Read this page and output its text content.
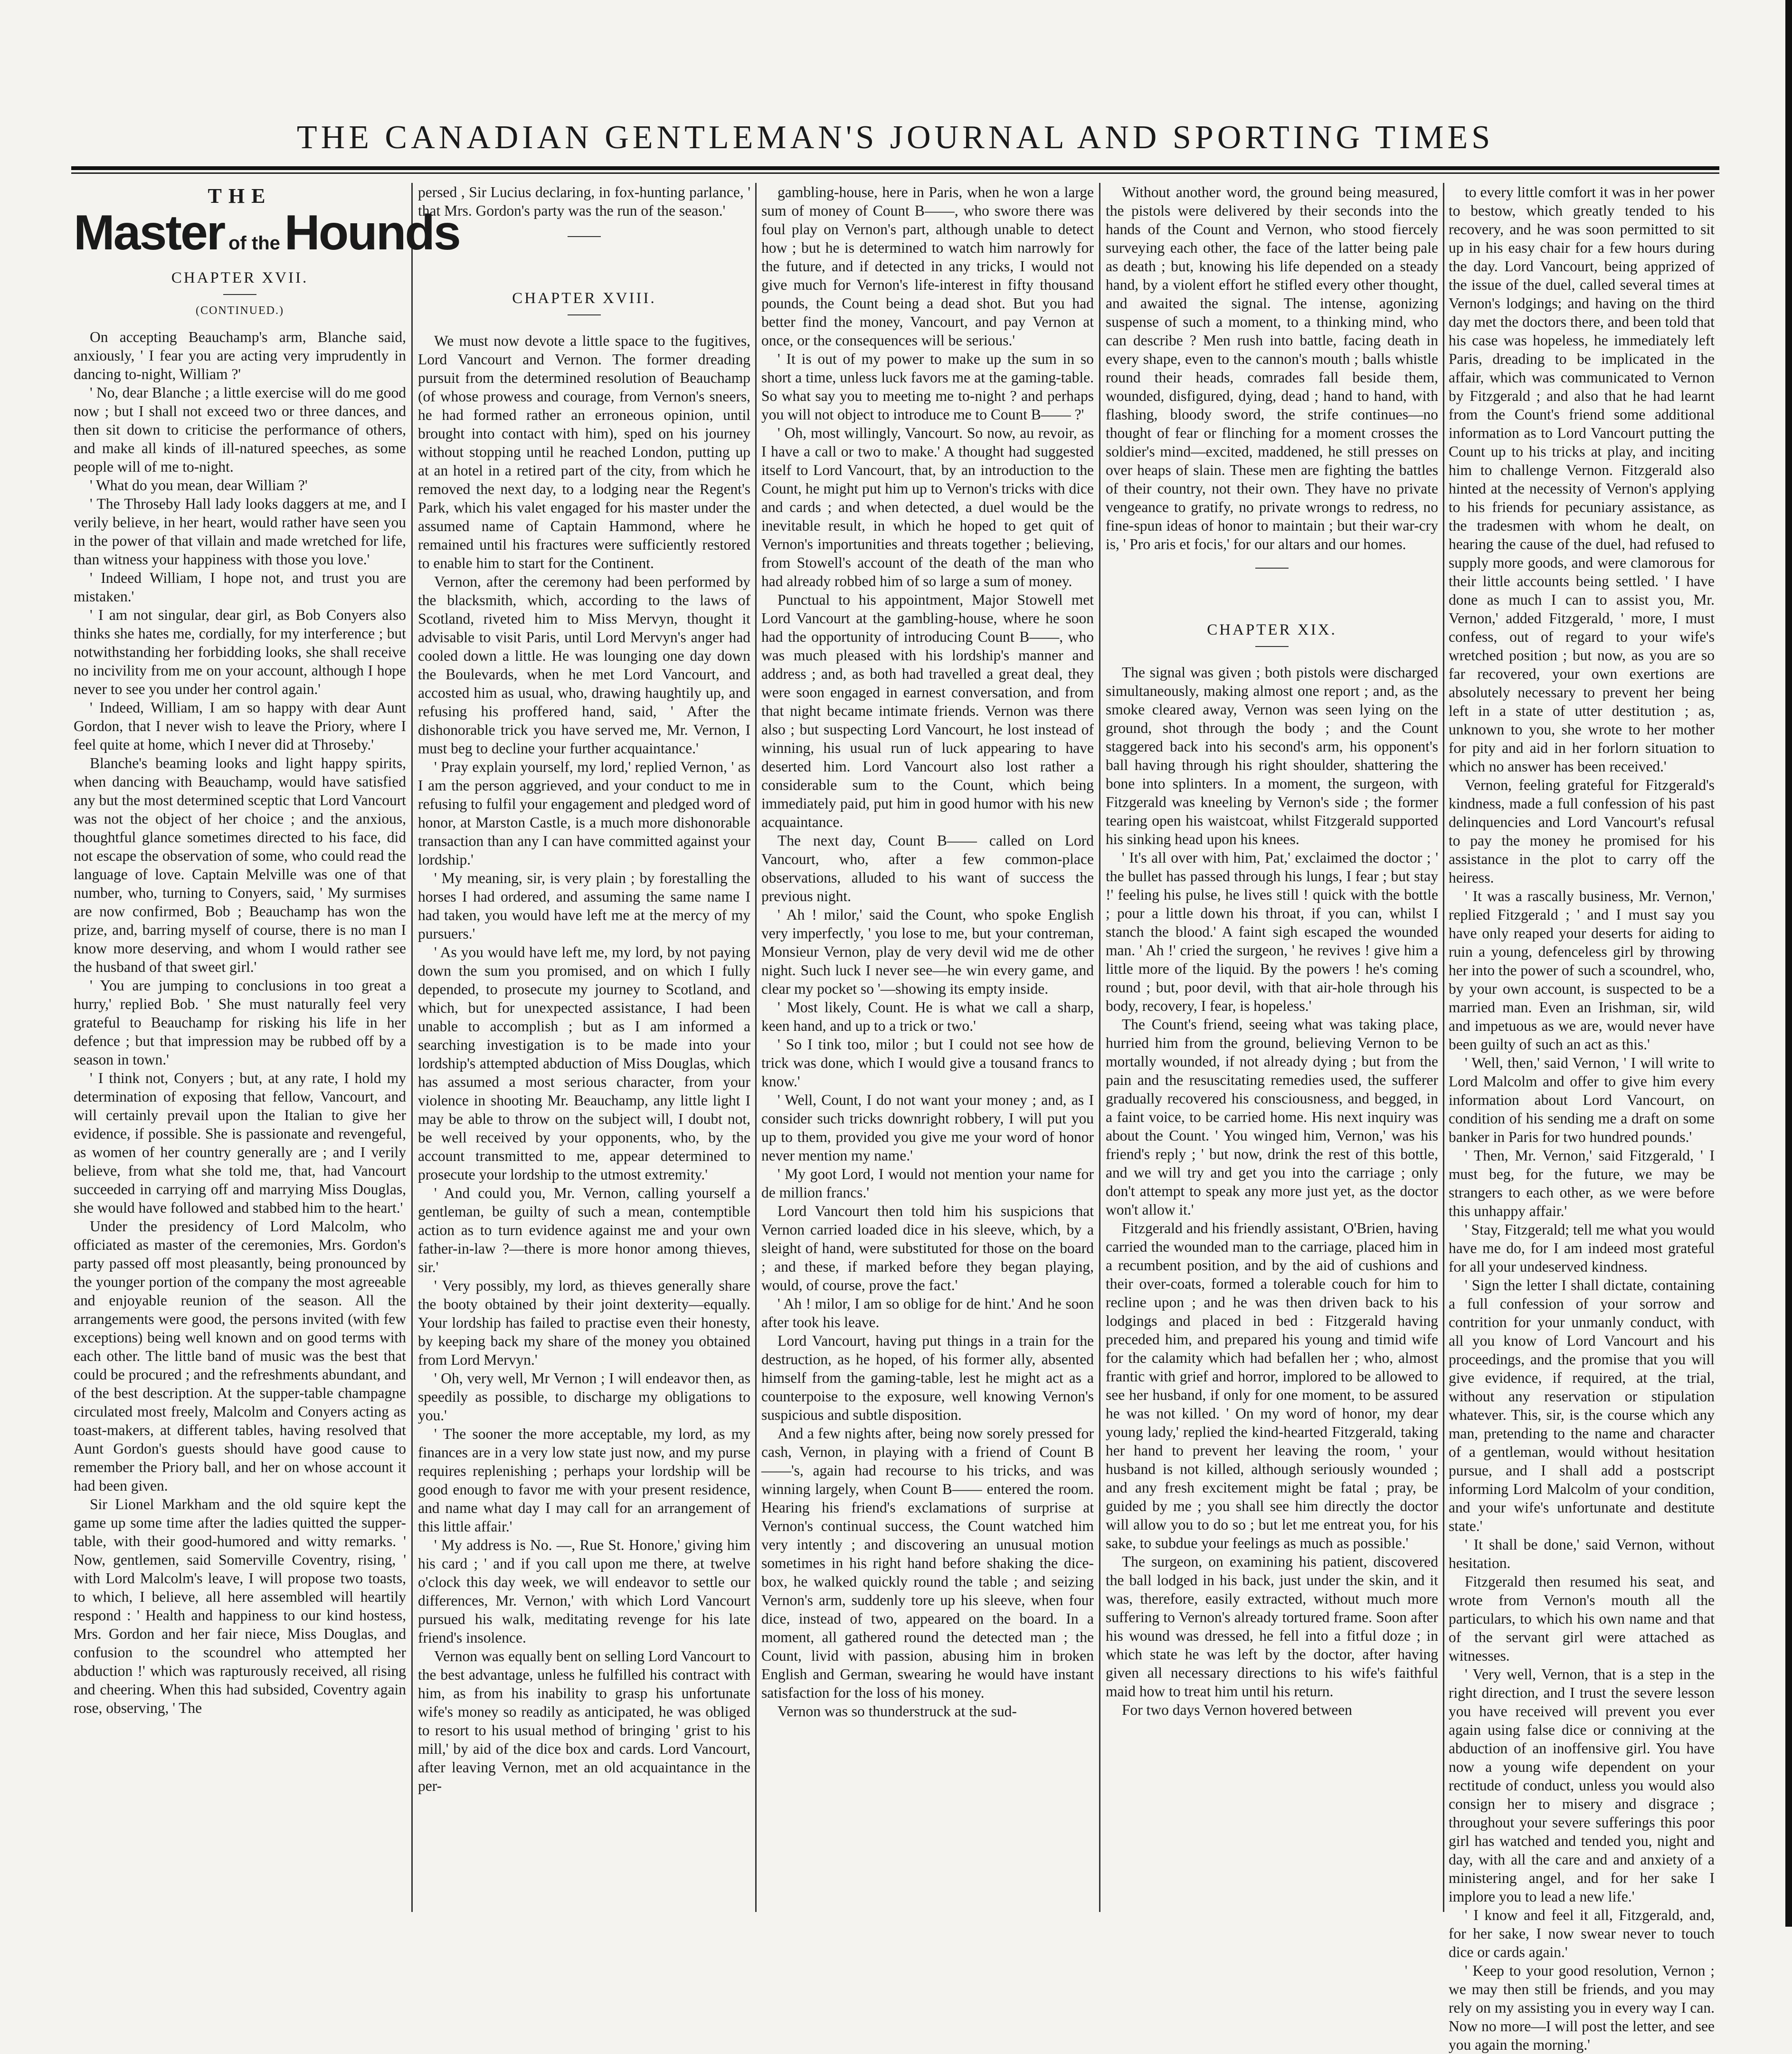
THE CANADIAN GENTLEMAN'S JOURNAL AND SPORTING TIMES
THE
Master of the Hounds
CHAPTER XVII.
(CONTINUED.)

On accepting Beauchamp's arm, Blanche said, anxiously, ' I fear you are acting very imprudently in dancing to-night, William ?'

' No, dear Blanche ; a little exercise will do me good now ; but I shall not exceed two or three dances, and then sit down to criticise the performance of others, and make all kinds of ill-natured speeches, as some people will of me to-night.

' What do you mean, dear William ?'

' The Throseby Hall lady looks daggers at me, and I verily believe, in her heart, would rather have seen you in the power of that villain and made wretched for life, than witness your happiness with those you love.'

' Indeed William, I hope not, and trust you are mistaken.'

' I am not singular, dear girl, as Bob Conyers also thinks she hates me, cordially, for my interference ; but notwithstanding her forbidding looks, she shall receive no incivility from me on your account, although I hope never to see you under her control again.'

' Indeed, William, I am so happy with dear Aunt Gordon, that I never wish to leave the Priory, where I feel quite at home, which I never did at Throseby.'

Blanche's beaming looks and light happy spirits, when dancing with Beauchamp, would have satisfied any but the most determined sceptic that Lord Vancourt was not the object of her choice ; and the anxious, thoughtful glance sometimes directed to his face, did not escape the observation of some, who could read the language of love. Captain Melville was one of that number, who, turning to Conyers, said, ' My surmises are now confirmed, Bob ; Beauchamp has won the prize, and, barring myself of course, there is no man I know more deserving, and whom I would rather see the husband of that sweet girl.'

' You are jumping to conclusions in too great a hurry,' replied Bob. ' She must naturally feel very grateful to Beauchamp for risking his life in her defence ; but that impression may be rubbed off by a season in town.'

' I think not, Conyers ; but, at any rate, I hold my determination of exposing that fellow, Vancourt, and will certainly prevail upon the Italian to give her evidence, if possible. She is passionate and revengeful, as women of her country generally are ; and I verily believe, from what she told me, that, had Vancourt succeeded in carrying off and marrying Miss Douglas, she would have followed and stabbed him to the heart.'

Under the presidency of Lord Malcolm, who officiated as master of the ceremonies, Mrs. Gordon's party passed off most pleasantly, being pronounced by the younger portion of the company the most agreeable and enjoyable reunion of the season. All the arrangements were good, the persons invited (with few exceptions) being well known and on good terms with each other. The little band of music was the best that could be procured ; and the refreshments abundant, and of the best description. At the supper-table champagne circulated most freely, Malcolm and Conyers acting as toast-makers, at different tables, having resolved that Aunt Gordon's guests should have good cause to remember the Priory ball, and her on whose account it had been given.

Sir Lionel Markham and the old squire kept the game up some time after the ladies quitted the supper-table, with their good-humored and witty remarks. ' Now, gentlemen, said Somerville Coventry, rising, ' with Lord Malcolm's leave, I will propose two toasts, to which, I believe, all here assembled will heartily respond : ' Health and happiness to our kind hostess, Mrs. Gordon and her fair niece, Miss Douglas, and confusion to the scoundrel who attempted her abduction !' which was rapturously received, all rising and cheering. When this had subsided, Coventry again rose, observing, ' The

persed , Sir Lucius declaring, in fox-hunting parlance, ' that Mrs. Gordon's party was the run of the season.'

CHAPTER XVIII.

We must now devote a little space to the fugitives, Lord Vancourt and Vernon. The former dreading pursuit from the determined resolution of Beauchamp (of whose prowess and courage, from Vernon's sneers, he had formed rather an erroneous opinion, until brought into contact with him), sped on his journey without stopping until he reached London, putting up at an hotel in a retired part of the city, from which he removed the next day, to a lodging near the Regent's Park, which his valet engaged for his master under the assumed name of Captain Hammond, where he remained until his fractures were sufficiently restored to enable him to start for the Continent.

Vernon, after the ceremony had been performed by the blacksmith, which, according to the laws of Scotland, riveted him to Miss Mervyn, thought it advisable to visit Paris, until Lord Mervyn's anger had cooled down a little. He was lounging one day down the Boulevards, when he met Lord Vancourt, and accosted him as usual, who, drawing haughtily up, and refusing his proffered hand, said, ' After the dishonorable trick you have served me, Mr. Vernon, I must beg to decline your further acquaintance.'

' Pray explain yourself, my lord,' replied Vernon, ' as I am the person aggrieved, and your conduct to me in refusing to fulfil your engagement and pledged word of honor, at Marston Castle, is a much more dishonorable transaction than any I can have committed against your lordship.'

' My meaning, sir, is very plain ; by forestalling the horses I had ordered, and assuming the same name I had taken, you would have left me at the mercy of my pursuers.'

' As you would have left me, my lord, by not paying down the sum you promised, and on which I fully depended, to prosecute my journey to Scotland, and which, but for unexpected assistance, I had been unable to accomplish ; but as I am informed a searching investigation is to be made into your lordship's attempted abduction of Miss Douglas, which has assumed a most serious character, from your violence in shooting Mr. Beauchamp, any little light I may be able to throw on the subject will, I doubt not, be well received by your opponents, who, by the account transmitted to me, appear determined to prosecute your lordship to the utmost extremity.'

' And could you, Mr. Vernon, calling yourself a gentleman, be guilty of such a mean, contemptible action as to turn evidence against me and your own father-in-law ?—there is more honor among thieves, sir.'

' Very possibly, my lord, as thieves generally share the booty obtained by their joint dexterity—equally. Your lordship has failed to practise even their honesty, by keeping back my share of the money you obtained from Lord Mervyn.'

' Oh, very well, Mr Vernon ; I will endeavor then, as speedily as possible, to discharge my obligations to you.'

' The sooner the more acceptable, my lord, as my finances are in a very low state just now, and my purse requires replenishing ; perhaps your lordship will be good enough to favor me with your present residence, and name what day I may call for an arrangement of this little affair.'

' My address is No. —, Rue St. Honore,' giving him his card ; ' and if you call upon me there, at twelve o'clock this day week, we will endeavor to settle our differences, Mr. Vernon,' with which Lord Vancourt pursued his walk, meditating revenge for his late friend's insolence.

Vernon was equally bent on selling Lord Vancourt to the best advantage, unless he fulfilled his contract with him, as from his inability to grasp his unfortunate wife's money so readily as anticipated, he was obliged to resort to his usual method of bringing ' grist to his mill,' by aid of the dice box and cards. Lord Vancourt, after leaving Vernon, met an old acquaintance in the per-

gambling-house, here in Paris, when he won a large sum of money of Count B——, who swore there was foul play on Vernon's part, although unable to detect how ; but he is determined to watch him narrowly for the future, and if detected in any tricks, I would not give much for Vernon's life-interest in fifty thousand pounds, the Count being a dead shot. But you had better find the money, Vancourt, and pay Vernon at once, or the consequences will be serious.'

' It is out of my power to make up the sum in so short a time, unless luck favors me at the gaming-table. So what say you to meeting me to-night ? and perhaps you will not object to introduce me to Count B—— ?'

' Oh, most willingly, Vancourt. So now, au revoir, as I have a call or two to make.' A thought had suggested itself to Lord Vancourt, that, by an introduction to the Count, he might put him up to Vernon's tricks with dice and cards ; and when detected, a duel would be the inevitable result, in which he hoped to get quit of Vernon's importunities and threats together ; believing, from Stowell's account of the death of the man who had already robbed him of so large a sum of money.

Punctual to his appointment, Major Stowell met Lord Vancourt at the gambling-house, where he soon had the opportunity of introducing Count B——, who was much pleased with his lordship's manner and address ; and, as both had travelled a great deal, they were soon engaged in earnest conversation, and from that night became intimate friends. Vernon was there also ; but suspecting Lord Vancourt, he lost instead of winning, his usual run of luck appearing to have deserted him. Lord Vancourt also lost rather a considerable sum to the Count, which being immediately paid, put him in good humor with his new acquaintance.

The next day, Count B—— called on Lord Vancourt, who, after a few common-place observations, alluded to his want of success the previous night.

' Ah ! milor,' said the Count, who spoke English very imperfectly, ' you lose to me, but your contreman, Monsieur Vernon, play de very devil wid me de other night. Such luck I never see—he win every game, and clear my pocket so '—showing its empty inside.

' Most likely, Count. He is what we call a sharp, keen hand, and up to a trick or two.'

' So I tink too, milor ; but I could not see how de trick was done, which I would give a tousand francs to know.'

' Well, Count, I do not want your money ; and, as I consider such tricks downright robbery, I will put you up to them, provided you give me your word of honor never mention my name.'

' My goot Lord, I would not mention your name for de million francs.'

Lord Vancourt then told him his suspicions that Vernon carried loaded dice in his sleeve, which, by a sleight of hand, were substituted for those on the board ; and these, if marked before they began playing, would, of course, prove the fact.'

' Ah ! milor, I am so oblige for de hint.' And he soon after took his leave.

Lord Vancourt, having put things in a train for the destruction, as he hoped, of his former ally, absented himself from the gaming-table, lest he might act as a counterpoise to the exposure, well knowing Vernon's suspicious and subtle disposition.

And a few nights after, being now sorely pressed for cash, Vernon, in playing with a friend of Count B——'s, again had recourse to his tricks, and was winning largely, when Count B—— entered the room. Hearing his friend's exclamations of surprise at Vernon's continual success, the Count watched him very intently ; and discovering an unusual motion sometimes in his right hand before shaking the dice-box, he walked quickly round the table ; and seizing Vernon's arm, suddenly tore up his sleeve, when four dice, instead of two, appeared on the board. In a moment, all gathered round the detected man ; the Count, livid with passion, abusing him in broken English and German, swearing he would have instant satisfaction for the loss of his money.

Vernon was so thunderstruck at the sud-

Without another word, the ground being measured, the pistols were delivered by their seconds into the hands of the Count and Vernon, who stood fiercely surveying each other, the face of the latter being pale as death ; but, knowing his life depended on a steady hand, by a violent effort he stifled every other thought, and awaited the signal. The intense, agonizing suspense of such a moment, to a thinking mind, who can describe ? Men rush into battle, facing death in every shape, even to the cannon's mouth ; balls whistle round their heads, comrades fall beside them, wounded, disfigured, dying, dead ; hand to hand, with flashing, bloody sword, the strife continues—no thought of fear or flinching for a moment crosses the soldier's mind—excited, maddened, he still presses on over heaps of slain. These men are fighting the battles of their country, not their own. They have no private vengeance to gratify, no private wrongs to redress, no fine-spun ideas of honor to maintain ; but their war-cry is, ' Pro aris et focis,' for our altars and our homes.

CHAPTER XIX.

The signal was given ; both pistols were discharged simultaneously, making almost one report ; and, as the smoke cleared away, Vernon was seen lying on the ground, shot through the body ; and the Count staggered back into his second's arm, his opponent's ball having through his right shoulder, shattering the bone into splinters. In a moment, the surgeon, with Fitzgerald was kneeling by Vernon's side ; the former tearing open his waistcoat, whilst Fitzgerald supported his sinking head upon his knees.

' It's all over with him, Pat,' exclaimed the doctor ; ' the bullet has passed through his lungs, I fear ; but stay !' feeling his pulse, he lives still ! quick with the bottle ; pour a little down his throat, if you can, whilst I stanch the blood.' A faint sigh escaped the wounded man. ' Ah !' cried the surgeon, ' he revives ! give him a little more of the liquid. By the powers ! he's coming round ; but, poor devil, with that air-hole through his body, recovery, I fear, is hopeless.'

The Count's friend, seeing what was taking place, hurried him from the ground, believing Vernon to be mortally wounded, if not already dying ; but from the pain and the resuscitating remedies used, the sufferer gradually recovered his consciousness, and begged, in a faint voice, to be carried home. His next inquiry was about the Count. ' You winged him, Vernon,' was his friend's reply ; ' but now, drink the rest of this bottle, and we will try and get you into the carriage ; only don't attempt to speak any more just yet, as the doctor won't allow it.'

Fitzgerald and his friendly assistant, O'Brien, having carried the wounded man to the carriage, placed him in a recumbent position, and by the aid of cushions and their over-coats, formed a tolerable couch for him to recline upon ; and he was then driven back to his lodgings and placed in bed : Fitzgerald having preceded him, and prepared his young and timid wife for the calamity which had befallen her ; who, almost frantic with grief and horror, implored to be allowed to see her husband, if only for one moment, to be assured he was not killed. ' On my word of honor, my dear young lady,' replied the kind-hearted Fitzgerald, taking her hand to prevent her leaving the room, ' your husband is not killed, although seriously wounded ; and any fresh excitement might be fatal ; pray, be guided by me ; you shall see him directly the doctor will allow you to do so ; but let me entreat you, for his sake, to subdue your feelings as much as possible.'

The surgeon, on examining his patient, discovered the ball lodged in his back, just under the skin, and it was, therefore, easily extracted, without much more suffering to Vernon's already tortured frame. Soon after his wound was dressed, he fell into a fitful doze ; in which state he was left by the doctor, after having given all necessary directions to his wife's faithful maid how to treat him until his return.

For two days Vernon hovered between

to every little comfort it was in her power to bestow, which greatly tended to his recovery, and he was soon permitted to sit up in his easy chair for a few hours during the day. Lord Vancourt, being apprized of the issue of the duel, called several times at Vernon's lodgings; and having on the third day met the doctors there, and been told that his case was hopeless, he immediately left Paris, dreading to be implicated in the affair, which was communicated to Vernon by Fitzgerald ; and also that he had learnt from the Count's friend some additional information as to Lord Vancourt putting the Count up to his tricks at play, and inciting him to challenge Vernon. Fitzgerald also hinted at the necessity of Vernon's applying to his friends for pecuniary assistance, as the tradesmen with whom he dealt, on hearing the cause of the duel, had refused to supply more goods, and were clamorous for their little accounts being settled. ' I have done as much I can to assist you, Mr. Vernon,' added Fitzgerald, ' more, I must confess, out of regard to your wife's wretched position ; but now, as you are so far recovered, your own exertions are absolutely necessary to prevent her being left in a state of utter destitution ; as, unknown to you, she wrote to her mother for pity and aid in her forlorn situation to which no answer has been received.'

Vernon, feeling grateful for Fitzgerald's kindness, made a full confession of his past delinquencies and Lord Vancourt's refusal to pay the money he promised for his assistance in the plot to carry off the heiress.

' It was a rascally business, Mr. Vernon,' replied Fitzgerald ; ' and I must say you have only reaped your deserts for aiding to ruin a young, defenceless girl by throwing her into the power of such a scoundrel, who, by your own account, is suspected to be a married man. Even an Irishman, sir, wild and impetuous as we are, would never have been guilty of such an act as this.'

' Well, then,' said Vernon, ' I will write to Lord Malcolm and offer to give him every information about Lord Vancourt, on condition of his sending me a draft on some banker in Paris for two hundred pounds.'

' Then, Mr. Vernon,' said Fitzgerald, ' I must beg, for the future, we may be strangers to each other, as we were before this unhappy affair.'

' Stay, Fitzgerald; tell me what you would have me do, for I am indeed most grateful for all your undeserved kindness.

' Sign the letter I shall dictate, containing a full confession of your sorrow and contrition for your unmanly conduct, with all you know of Lord Vancourt and his proceedings, and the promise that you will give evidence, if required, at the trial, without any reservation or stipulation whatever. This, sir, is the course which any man, pretending to the name and character of a gentleman, would without hesitation pursue, and I shall add a postscript informing Lord Malcolm of your condition, and your wife's unfortunate and destitute state.'

' It shall be done,' said Vernon, without hesitation.

Fitzgerald then resumed his seat, and wrote from Vernon's mouth all the particulars, to which his own name and that of the servant girl were attached as witnesses.

' Very well, Vernon, that is a step in the right direction, and I trust the severe lesson you have received will prevent you ever again using false dice or conniving at the abduction of an inoffensive girl. You have now a young wife dependent on your rectitude of conduct, unless you would also consign her to misery and disgrace ; throughout your severe sufferings this poor girl has watched and tended you, night and day, with all the care and and anxiety of a ministering angel, and for her sake I implore you to lead a new life.'

' I know and feel it all, Fitzgerald, and, for her sake, I now swear never to touch dice or cards again.'

' Keep to your good resolution, Vernon ; we may then still be friends, and you may rely on my assisting you in every way I can. Now no more—I will post the letter, and see you again the morning.'
